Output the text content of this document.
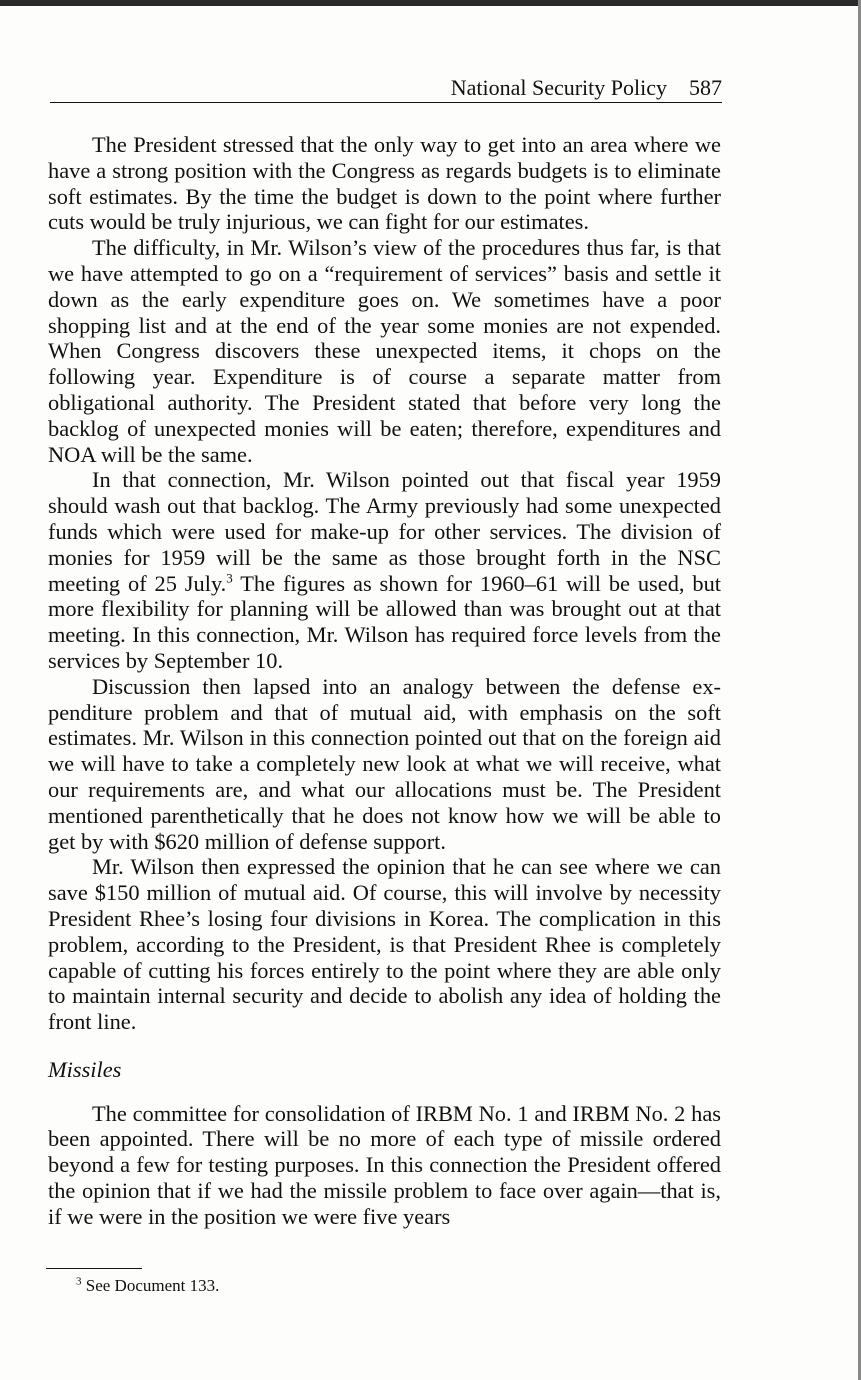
National Security Policy 587

The President stressed that the only way to get into an area where we have a strong position with the Congress as regards budgets is to eliminate soft estimates. By the time the budget is down to the point where further cuts would be truly injurious, we can fight for our estimates.

The difficulty, in Mr. Wilson’s view of the procedures thus far, is that we have attempted to go on a “requirement of services” basis and settle it down as the early expenditure goes on. We sometimes have a poor shopping list and at the end of the year some monies are not expended. When Congress discovers these unexpected items, it chops on the following year. Expenditure is of course a separate matter from obligational authority. The President stated that before very long the backlog of unexpected monies will be eaten; therefore, expenditures and NOA will be the same.

In that connection, Mr. Wilson pointed out that fiscal year 1959 should wash out that backlog. The Army previously had some unexpected funds which were used for make-up for other services. The division of monies for 1959 will be the same as those brought forth in the NSC meeting of 25 July.$^3$ The figures as shown for 1960–61 will be used, but more flexibility for planning will be allowed than was brought out at that meeting. In this connection, Mr. Wilson has required force levels from the services by September 10.

Discussion then lapsed into an analogy between the defense expenditure problem and that of mutual aid, with emphasis on the soft estimates. Mr. Wilson in this connection pointed out that on the foreign aid we will have to take a completely new look at what we will receive, what our requirements are, and what our allocations must be. The President mentioned parenthetically that he does not know how we will be able to get by with $620 million of defense support.

Mr. Wilson then expressed the opinion that he can see where we can save $150 million of mutual aid. Of course, this will involve by necessity President Rhee’s losing four divisions in Korea. The complication in this problem, according to the President, is that President Rhee is completely capable of cutting his forces entirely to the point where they are able only to maintain internal security and decide to abolish any idea of holding the front line.

Missiles

The committee for consolidation of IRBM No. 1 and IRBM No. 2 has been appointed. There will be no more of each type of missile ordered beyond a few for testing purposes. In this connection the President offered the opinion that if we had the missile problem to face over again—that is, if we were in the position we were five years

$^3$ See Document 133.
